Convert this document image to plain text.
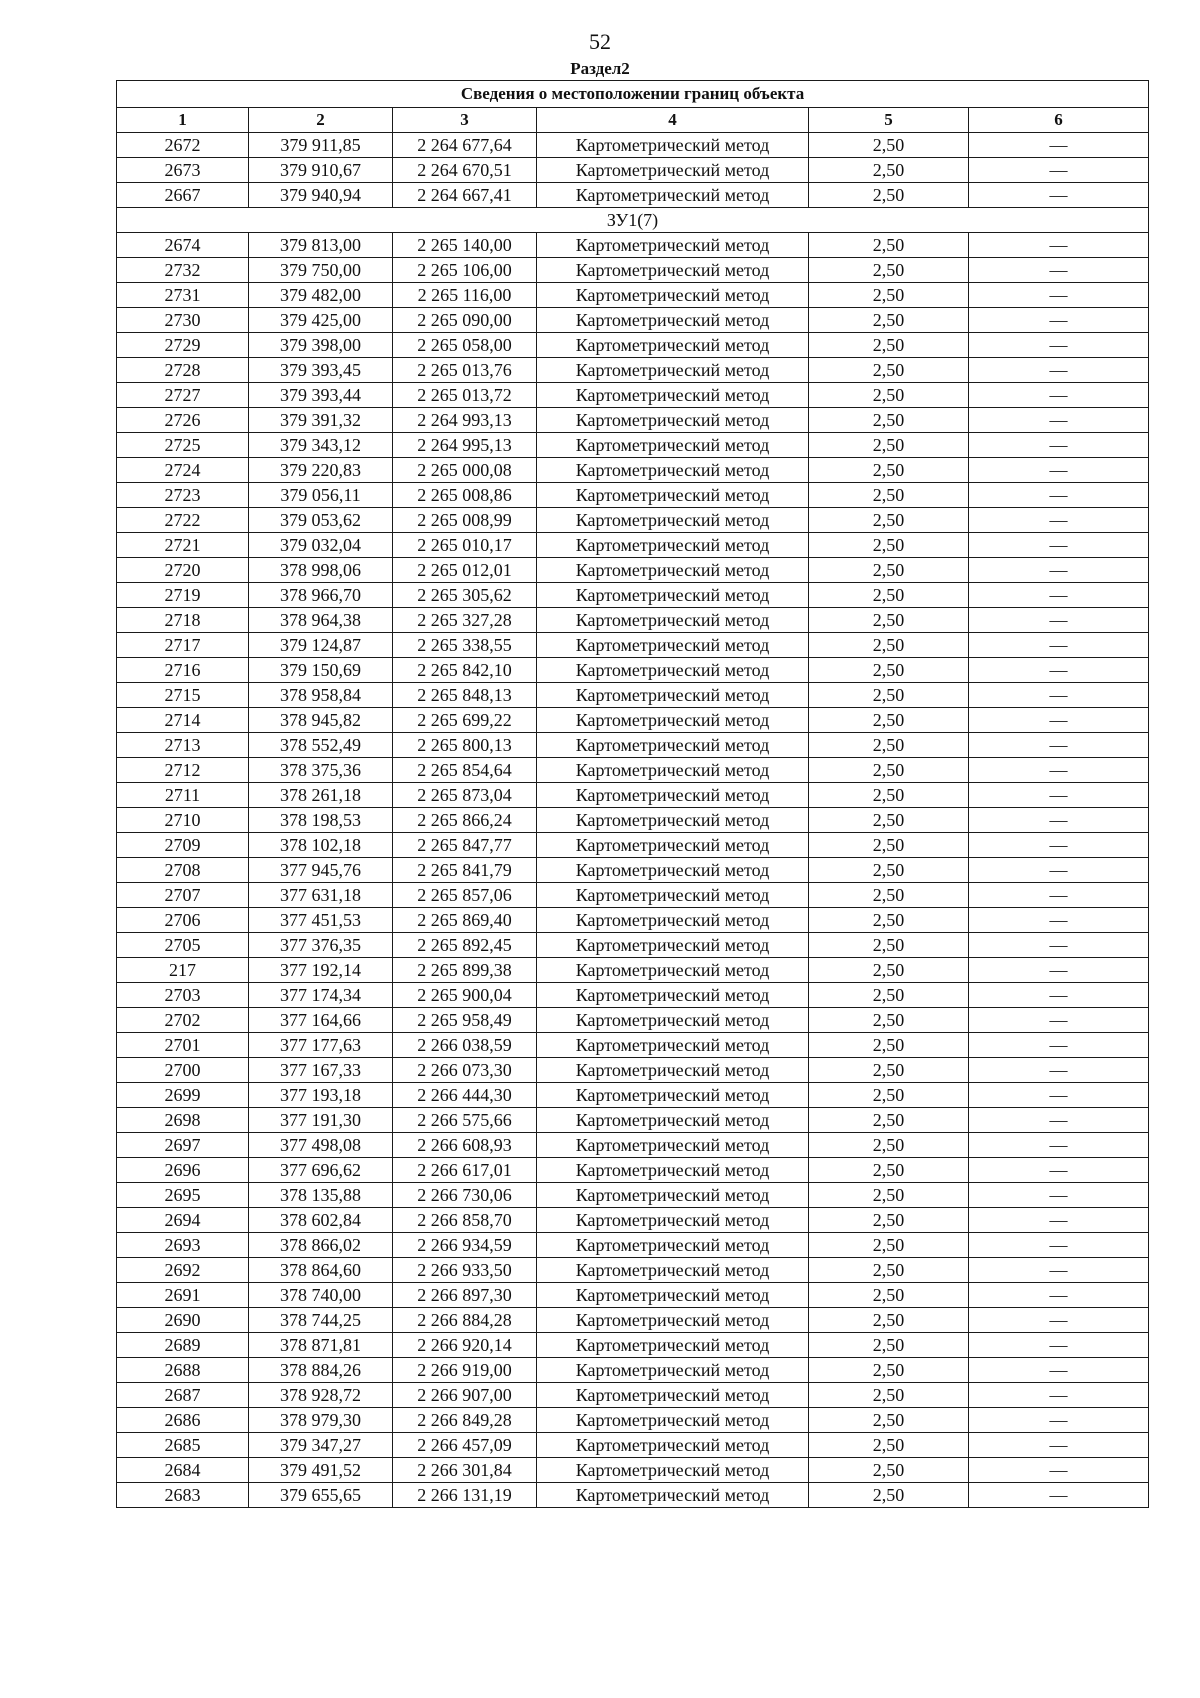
52
Раздел2
Сведения о местоположении границ объекта					
1	2	3	4	5	6
2672	379 911,85	2 264 677,64	Картометрический метод	2,50	—
2673	379 910,67	2 264 670,51	Картометрический метод	2,50	—
2667	379 940,94	2 264 667,41	Картометрический метод	2,50	—
ЗУ1(7)					
2674	379 813,00	2 265 140,00	Картометрический метод	2,50	—
2732	379 750,00	2 265 106,00	Картометрический метод	2,50	—
2731	379 482,00	2 265 116,00	Картометрический метод	2,50	—
2730	379 425,00	2 265 090,00	Картометрический метод	2,50	—
2729	379 398,00	2 265 058,00	Картометрический метод	2,50	—
2728	379 393,45	2 265 013,76	Картометрический метод	2,50	—
2727	379 393,44	2 265 013,72	Картометрический метод	2,50	—
2726	379 391,32	2 264 993,13	Картометрический метод	2,50	—
2725	379 343,12	2 264 995,13	Картометрический метод	2,50	—
2724	379 220,83	2 265 000,08	Картометрический метод	2,50	—
2723	379 056,11	2 265 008,86	Картометрический метод	2,50	—
2722	379 053,62	2 265 008,99	Картометрический метод	2,50	—
2721	379 032,04	2 265 010,17	Картометрический метод	2,50	—
2720	378 998,06	2 265 012,01	Картометрический метод	2,50	—
2719	378 966,70	2 265 305,62	Картометрический метод	2,50	—
2718	378 964,38	2 265 327,28	Картометрический метод	2,50	—
2717	379 124,87	2 265 338,55	Картометрический метод	2,50	—
2716	379 150,69	2 265 842,10	Картометрический метод	2,50	—
2715	378 958,84	2 265 848,13	Картометрический метод	2,50	—
2714	378 945,82	2 265 699,22	Картометрический метод	2,50	—
2713	378 552,49	2 265 800,13	Картометрический метод	2,50	—
2712	378 375,36	2 265 854,64	Картометрический метод	2,50	—
2711	378 261,18	2 265 873,04	Картометрический метод	2,50	—
2710	378 198,53	2 265 866,24	Картометрический метод	2,50	—
2709	378 102,18	2 265 847,77	Картометрический метод	2,50	—
2708	377 945,76	2 265 841,79	Картометрический метод	2,50	—
2707	377 631,18	2 265 857,06	Картометрический метод	2,50	—
2706	377 451,53	2 265 869,40	Картометрический метод	2,50	—
2705	377 376,35	2 265 892,45	Картометрический метод	2,50	—
217	377 192,14	2 265 899,38	Картометрический метод	2,50	—
2703	377 174,34	2 265 900,04	Картометрический метод	2,50	—
2702	377 164,66	2 265 958,49	Картометрический метод	2,50	—
2701	377 177,63	2 266 038,59	Картометрический метод	2,50	—
2700	377 167,33	2 266 073,30	Картометрический метод	2,50	—
2699	377 193,18	2 266 444,30	Картометрический метод	2,50	—
2698	377 191,30	2 266 575,66	Картометрический метод	2,50	—
2697	377 498,08	2 266 608,93	Картометрический метод	2,50	—
2696	377 696,62	2 266 617,01	Картометрический метод	2,50	—
2695	378 135,88	2 266 730,06	Картометрический метод	2,50	—
2694	378 602,84	2 266 858,70	Картометрический метод	2,50	—
2693	378 866,02	2 266 934,59	Картометрический метод	2,50	—
2692	378 864,60	2 266 933,50	Картометрический метод	2,50	—
2691	378 740,00	2 266 897,30	Картометрический метод	2,50	—
2690	378 744,25	2 266 884,28	Картометрический метод	2,50	—
2689	378 871,81	2 266 920,14	Картометрический метод	2,50	—
2688	378 884,26	2 266 919,00	Картометрический метод	2,50	—
2687	378 928,72	2 266 907,00	Картометрический метод	2,50	—
2686	378 979,30	2 266 849,28	Картометрический метод	2,50	—
2685	379 347,27	2 266 457,09	Картометрический метод	2,50	—
2684	379 491,52	2 266 301,84	Картометрический метод	2,50	—
2683	379 655,65	2 266 131,19	Картометрический метод	2,50	—
